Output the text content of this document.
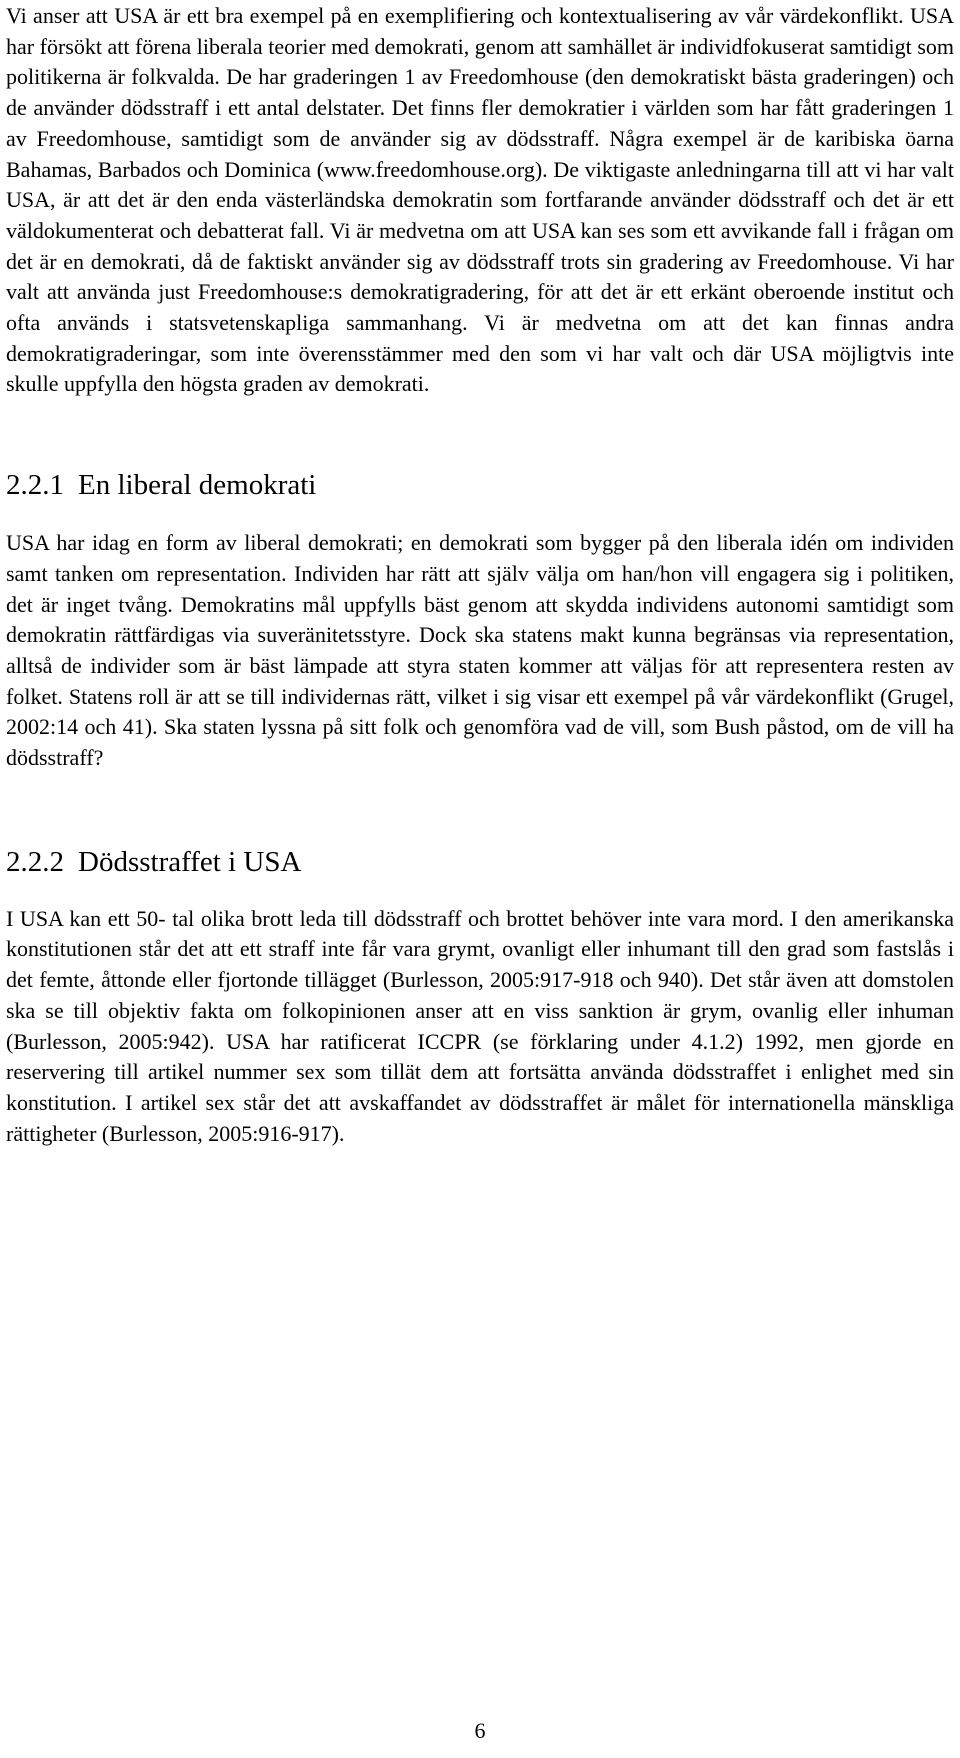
Vi anser att USA är ett bra exempel på en exemplifiering och kontextualisering av vår värdekonflikt. USA har försökt att förena liberala teorier med demokrati, genom att samhället är individfokuserat samtidigt som politikerna är folkvalda. De har graderingen 1 av Freedomhouse (den demokratiskt bästa graderingen) och de använder dödsstraff i ett antal delstater. Det finns fler demokratier i världen som har fått graderingen 1 av Freedomhouse, samtidigt som de använder sig av dödsstraff. Några exempel är de karibiska öarna Bahamas, Barbados och Dominica (www.freedomhouse.org). De viktigaste anledningarna till att vi har valt USA, är att det är den enda västerländska demokratin som fortfarande använder dödsstraff och det är ett väldokumenterat och debatterat fall. Vi är medvetna om att USA kan ses som ett avvikande fall i frågan om det är en demokrati, då de faktiskt använder sig av dödsstraff trots sin gradering av Freedomhouse. Vi har valt att använda just Freedomhouse:s demokratigradering, för att det är ett erkänt oberoende institut och ofta används i statsvetenskapliga sammanhang. Vi är medvetna om att det kan finnas andra demokratigraderingar, som inte överensstämmer med den som vi har valt och där USA möjligtvis inte skulle uppfylla den högsta graden av demokrati.

2.2.1 En liberal demokrati

USA har idag en form av liberal demokrati; en demokrati som bygger på den liberala idén om individen samt tanken om representation. Individen har rätt att själv välja om han/hon vill engagera sig i politiken, det är inget tvång. Demokratins mål uppfylls bäst genom att skydda individens autonomi samtidigt som demokratin rättfärdigas via suveränitetsstyre. Dock ska statens makt kunna begränsas via representation, alltså de individer som är bäst lämpade att styra staten kommer att väljas för att representera resten av folket. Statens roll är att se till individernas rätt, vilket i sig visar ett exempel på vår värdekonflikt (Grugel, 2002:14 och 41). Ska staten lyssna på sitt folk och genomföra vad de vill, som Bush påstod, om de vill ha dödsstraff?

2.2.2 Dödsstraffet i USA

I USA kan ett 50- tal olika brott leda till dödsstraff och brottet behöver inte vara mord. I den amerikanska konstitutionen står det att ett straff inte får vara grymt, ovanligt eller inhumant till den grad som fastslås i det femte, åttonde eller fjortonde tillägget (Burlesson, 2005:917-918 och 940). Det står även att domstolen ska se till objektiv fakta om folkopinionen anser att en viss sanktion är grym, ovanlig eller inhuman (Burlesson, 2005:942). USA har ratificerat ICCPR (se förklaring under 4.1.2) 1992, men gjorde en reservering till artikel nummer sex som tillät dem att fortsätta använda dödsstraffet i enlighet med sin konstitution. I artikel sex står det att avskaffandet av dödsstraffet är målet för internationella mänskliga rättigheter (Burlesson, 2005:916-917).

6
